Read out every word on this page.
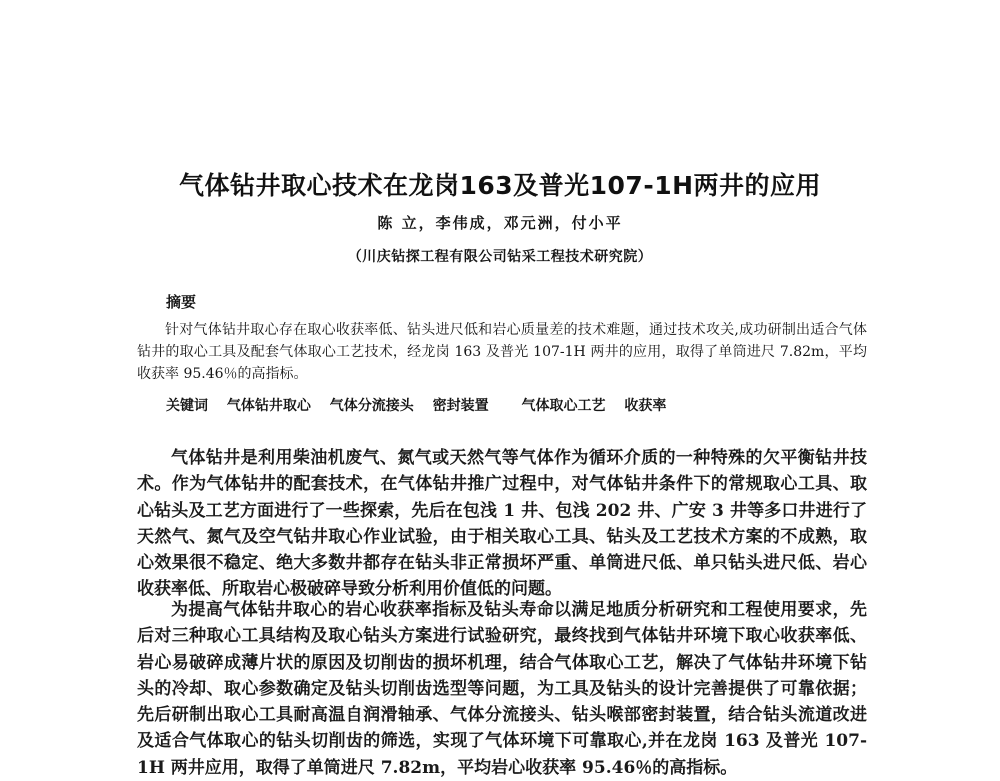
气体钻井取心技术在龙岗163及普光107-1H两井的应用
陈 立，李伟成，邓元洲，付小平
（川庆钻探工程有限公司钻采工程技术研究院）
摘要

针对气体钻井取心存在取心收获率低、钻头进尺低和岩心质量差的技术难题，通过技术攻关,成功研制出适合气体钻井的取心工具及配套气体取心工艺技术，经龙岗 163 及普光 107-1H 两井的应用，取得了单筒进尺 7.82m，平均收获率 95.46％的高指标。

关键词 气体钻井取心 气体分流接头 密封装置 气体取心工艺 收获率

气体钻井是利用柴油机废气、氮气或天然气等气体作为循环介质的一种特殊的欠平衡钻井技术。作为气体钻井的配套技术，在气体钻井推广过程中，对气体钻井条件下的常规取心工具、取心钻头及工艺方面进行了一些探索，先后在包浅 1 井、包浅 202 井、广安 3 井等多口井进行了天然气、氮气及空气钻井取心作业试验，由于相关取心工具、钻头及工艺技术方案的不成熟，取心效果很不稳定、绝大多数井都存在钻头非正常损坏严重、单筒进尺低、单只钻头进尺低、岩心收获率低、所取岩心极破碎导致分析利用价值低的问题。

为提高气体钻井取心的岩心收获率指标及钻头寿命以满足地质分析研究和工程使用要求，先后对三种取心工具结构及取心钻头方案进行试验研究，最终找到气体钻井环境下取心收获率低、岩心易破碎成薄片状的原因及切削齿的损坏机理，结合气体取心工艺，解决了气体钻井环境下钻头的冷却、取心参数确定及钻头切削齿选型等问题，为工具及钻头的设计完善提供了可靠依据；先后研制出取心工具耐高温自润滑轴承、气体分流接头、钻头喉部密封装置，结合钻头流道改进及适合气体取心的钻头切削齿的筛选，实现了气体环境下可靠取心,并在龙岗 163 及普光 107-1H 两井应用，取得了单筒进尺 7.82m，平均岩心收获率 95.46％的高指标。
